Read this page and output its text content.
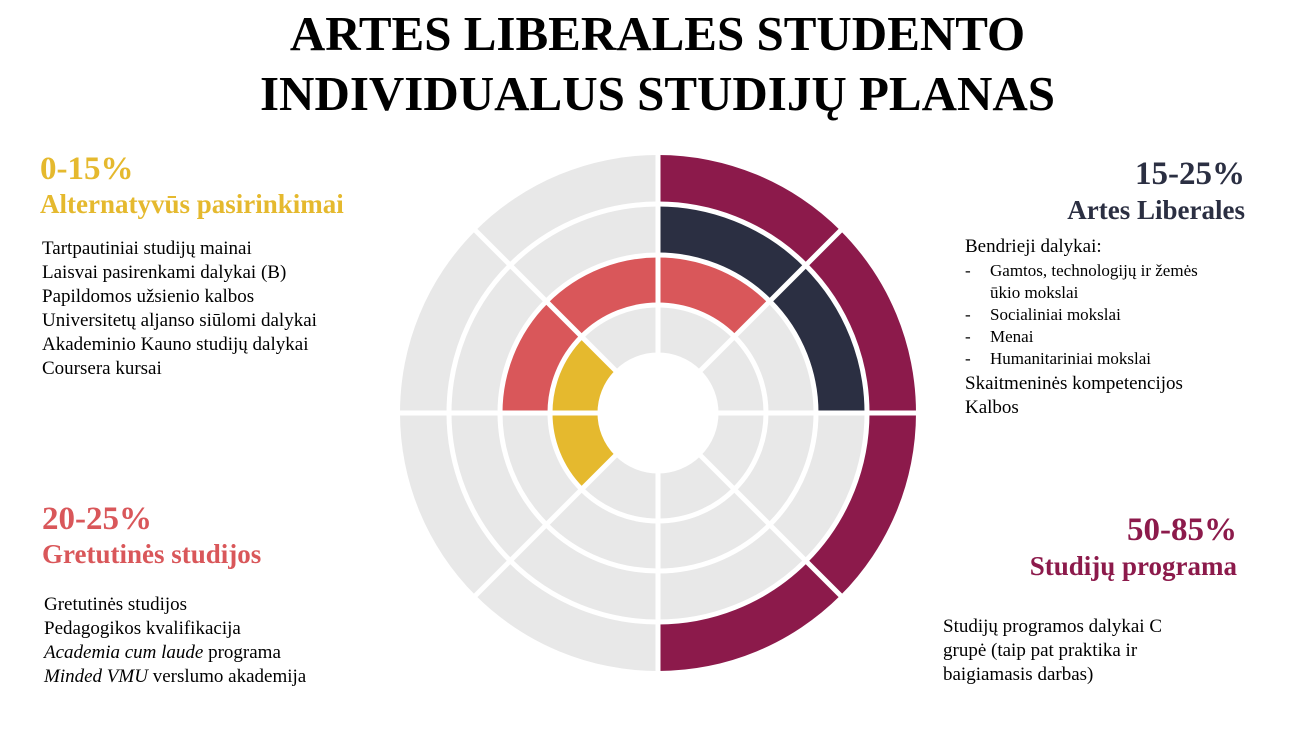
ARTES LIBERALES STUDENTO
INDIVIDUALUS STUDIJŲ PLANAS
0-15%
Alternatyvūs pasirinkimai
Tartpautiniai studijų mainai
Laisvai pasirenkami dalykai (B)
Papildomos užsienio kalbos
Universitetų aljanso siūlomi dalykai
Akademinio Kauno studijų dalykai
Coursera kursai
15-25%
Artes Liberales
Bendrieji dalykai:
-	Gamtos, technologijų ir žemės
ūkio mokslai
-	Socialiniai mokslai
-	Menai
-	Humanitariniai mokslai
Skaitmeninės kompetencijos
Kalbos
20-25%
Gretutinės studijos
Gretutinės studijos
Pedagogikos kvalifikacija
Academia cum laude programa
Minded VMU verslumo akademija
50-85%
Studijų programa
Studijų programos dalykai C
grupė (taip pat praktika ir
baigiamasis darbas)
